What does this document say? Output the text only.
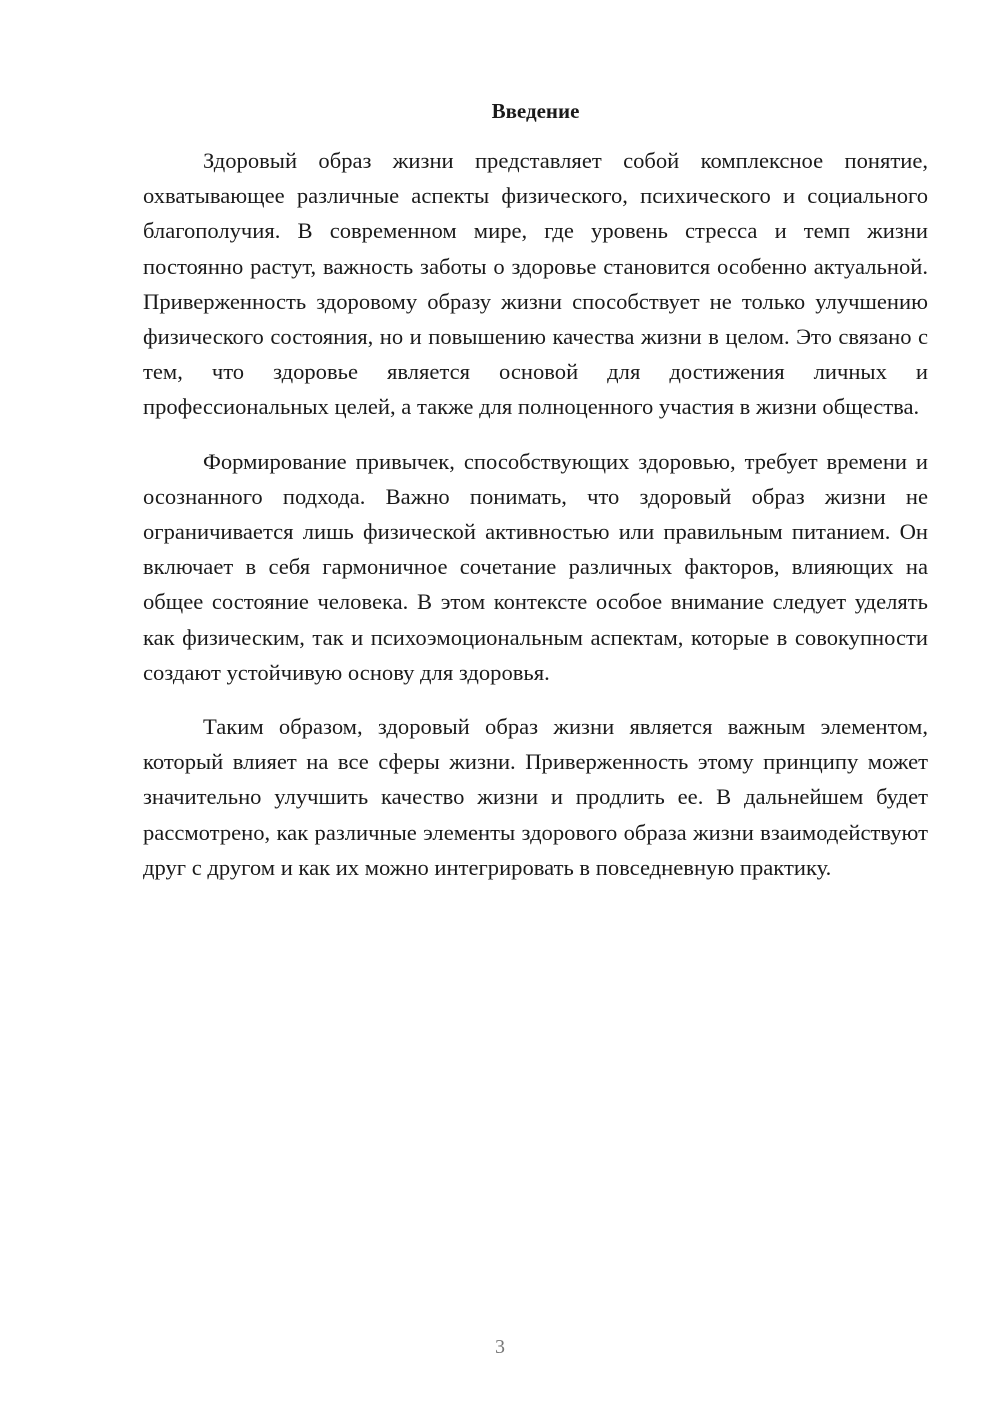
Введение

Здоровый образ жизни представляет собой комплексное понятие, охватывающее различные аспекты физического, психического и социального благополучия. В современном мире, где уровень стресса и темп жизни постоянно растут, важность заботы о здоровье становится особенно актуальной. Приверженность здоровому образу жизни способствует не только улучшению физического состояния, но и повышению качества жизни в целом. Это связано с тем, что здоровье является основой для достижения личных и профессиональных целей, а также для полноценного участия в жизни общества.

Формирование привычек, способствующих здоровью, требует времени и осознанного подхода. Важно понимать, что здоровый образ жизни не ограничивается лишь физической активностью или правильным питанием. Он включает в себя гармоничное сочетание различных факторов, влияющих на общее состояние человека. В этом контексте особое внимание следует уделять как физическим, так и психоэмоциональным аспектам, которые в совокупности создают устойчивую основу для здоровья.

Таким образом, здоровый образ жизни является важным элементом, который влияет на все сферы жизни. Приверженность этому принципу может значительно улучшить качество жизни и продлить ее. В дальнейшем будет рассмотрено, как различные элементы здорового образа жизни взаимодействуют друг с другом и как их можно интегрировать в повседневную практику.

3
